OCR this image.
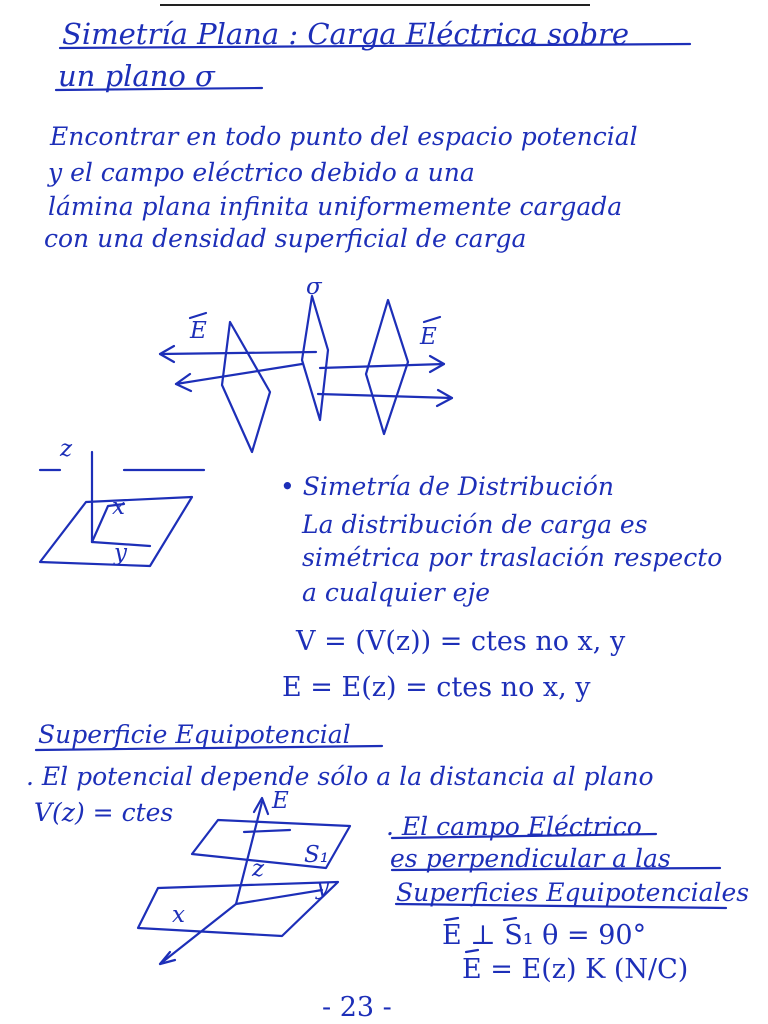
Simetría Plana : Carga Eléctrica sobre
un plano σ
Encontrar en todo punto del espacio potencial
y el campo eléctrico debido a una
lámina plana infinita uniformemente cargada
con una densidad superficial de carga
σ
E	E
z
x
y
• Simetría de Distribución
La distribución de carga es
simétrica por traslación respecto
a cualquier eje
V = (V(z)) = ctes no x, y
E = E(z) = ctes no x, y
Superficie Equipotencial
. El potencial depende sólo a la distancia al plano
V(z) = ctes	E
z
S₁
y
x
. El campo Eléctrico
es perpendicular a las
Superficies Equipotenciales
E ⊥ S₁ θ = 90°
E = E(z) K (N/C)
- 23 -
